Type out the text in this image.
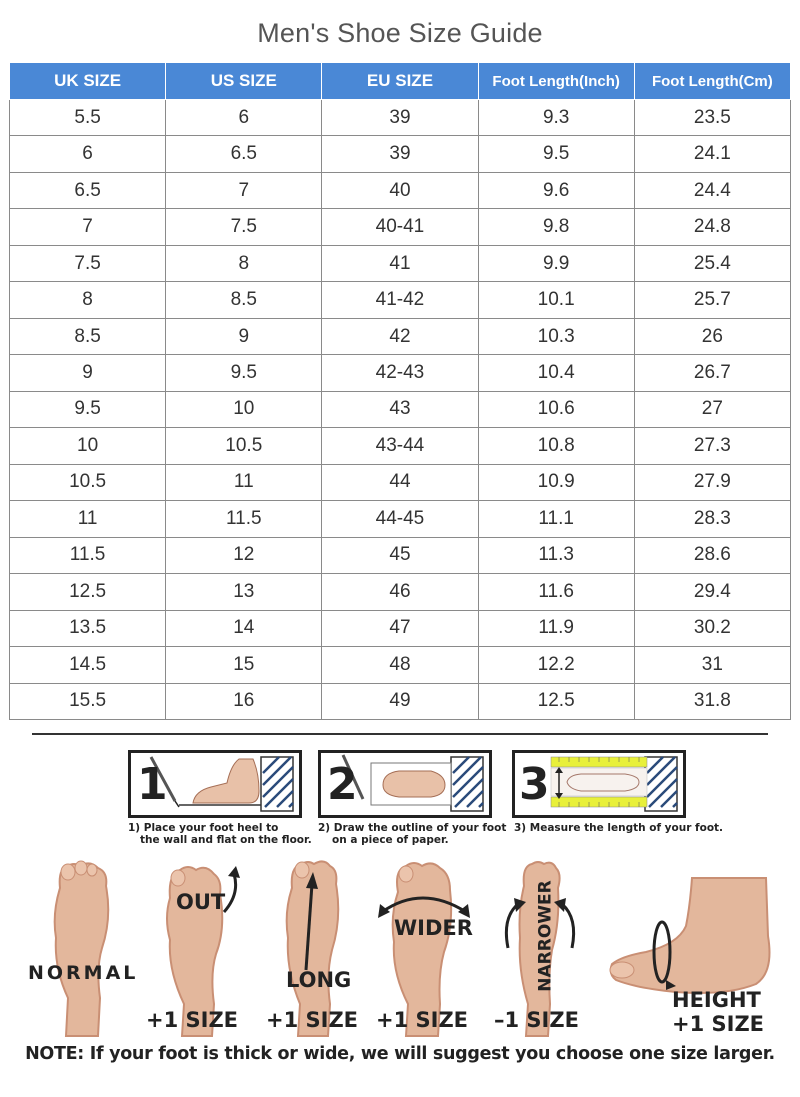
Men's Shoe Size Guide
UK SIZE	US SIZE	EU SIZE	Foot Length(Inch)	Foot Length(Cm)
5.5	6	39	9.3	23.5
6	6.5	39	9.5	24.1
6.5	7	40	9.6	24.4
7	7.5	40-41	9.8	24.8
7.5	8	41	9.9	25.4
8	8.5	41-42	10.1	25.7
8.5	9	42	10.3	26
9	9.5	42-43	10.4	26.7
9.5	10	43	10.6	27
10	10.5	43-44	10.8	27.3
10.5	11	44	10.9	27.9
11	11.5	44-45	11.1	28.3
11.5	12	45	11.3	28.6
12.5	13	46	11.6	29.4
13.5	14	47	11.9	30.2
14.5	15	48	12.2	31
15.5	16	49	12.5	31.8
1
1) Place your foot heel to
the wall and flat on the floor.
2
2) Draw the outline of your foot
on a piece of paper.
3
3) Measure the length of your foot.
NORMAL
OUT
LONG
WIDER	NARROWER
HEIGHT
+1 SIZE +1 SIZE +1 SIZE –1 SIZE	+1 SIZE
NOTE: If your foot is thick or wide, we will suggest you choose one size larger.
